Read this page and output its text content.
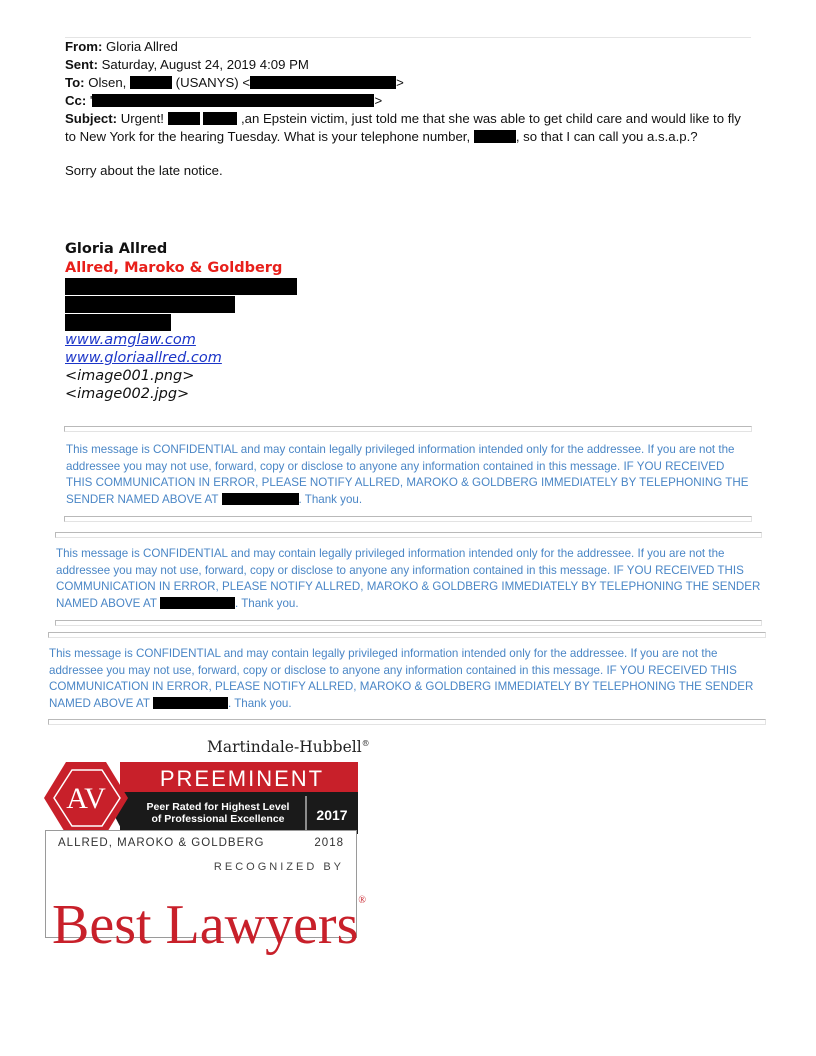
From: Gloria Allred
Sent: Saturday, August 24, 2019 4:09 PM
To: Olsen,	(USANYS) <	>
Cc: '	>
Subject: Urgent!	,an Epstein victim, just told me that she was able to get child care and would like to fly to New York for the hearing Tuesday. What is your telephone number,	, so that I can call you a.s.a.p.?
Sorry about the late notice.
Gloria Allred
Allred, Maroko & Goldberg
www.amglaw.com
www.gloriaallred.com
<image001.png>
<image002.jpg>
This message is CONFIDENTIAL and may contain legally privileged information intended only for the addressee. If you are not the addressee you may not use, forward, copy or disclose to anyone any information contained in this message. IF YOU RECEIVED THIS COMMUNICATION IN ERROR, PLEASE NOTIFY ALLRED, MAROKO & GOLDBERG IMMEDIATELY BY TELEPHONING THE SENDER NAMED ABOVE AT	. Thank you.
This message is CONFIDENTIAL and may contain legally privileged information intended only for the addressee. If you are not the addressee you may not use, forward, copy or disclose to anyone any information contained in this message. IF YOU RECEIVED THIS COMMUNICATION IN ERROR, PLEASE NOTIFY ALLRED, MAROKO & GOLDBERG IMMEDIATELY BY TELEPHONING THE SENDER NAMED ABOVE AT	. Thank you.
This message is CONFIDENTIAL and may contain legally privileged information intended only for the addressee. If you are not the addressee you may not use, forward, copy or disclose to anyone any information contained in this message. IF YOU RECEIVED THIS COMMUNICATION IN ERROR, PLEASE NOTIFY ALLRED, MAROKO & GOLDBERG IMMEDIATELY BY TELEPHONING THE SENDER NAMED ABOVE AT	. Thank you.
Martindale-Hubbell®
AV
PREEMINENT
Peer Rated for Highest Level
of Professional Excellence 2017
ALLRED, MAROKO & GOLDBERG	2018
RECOGNIZED BY
Best Lawyers®
